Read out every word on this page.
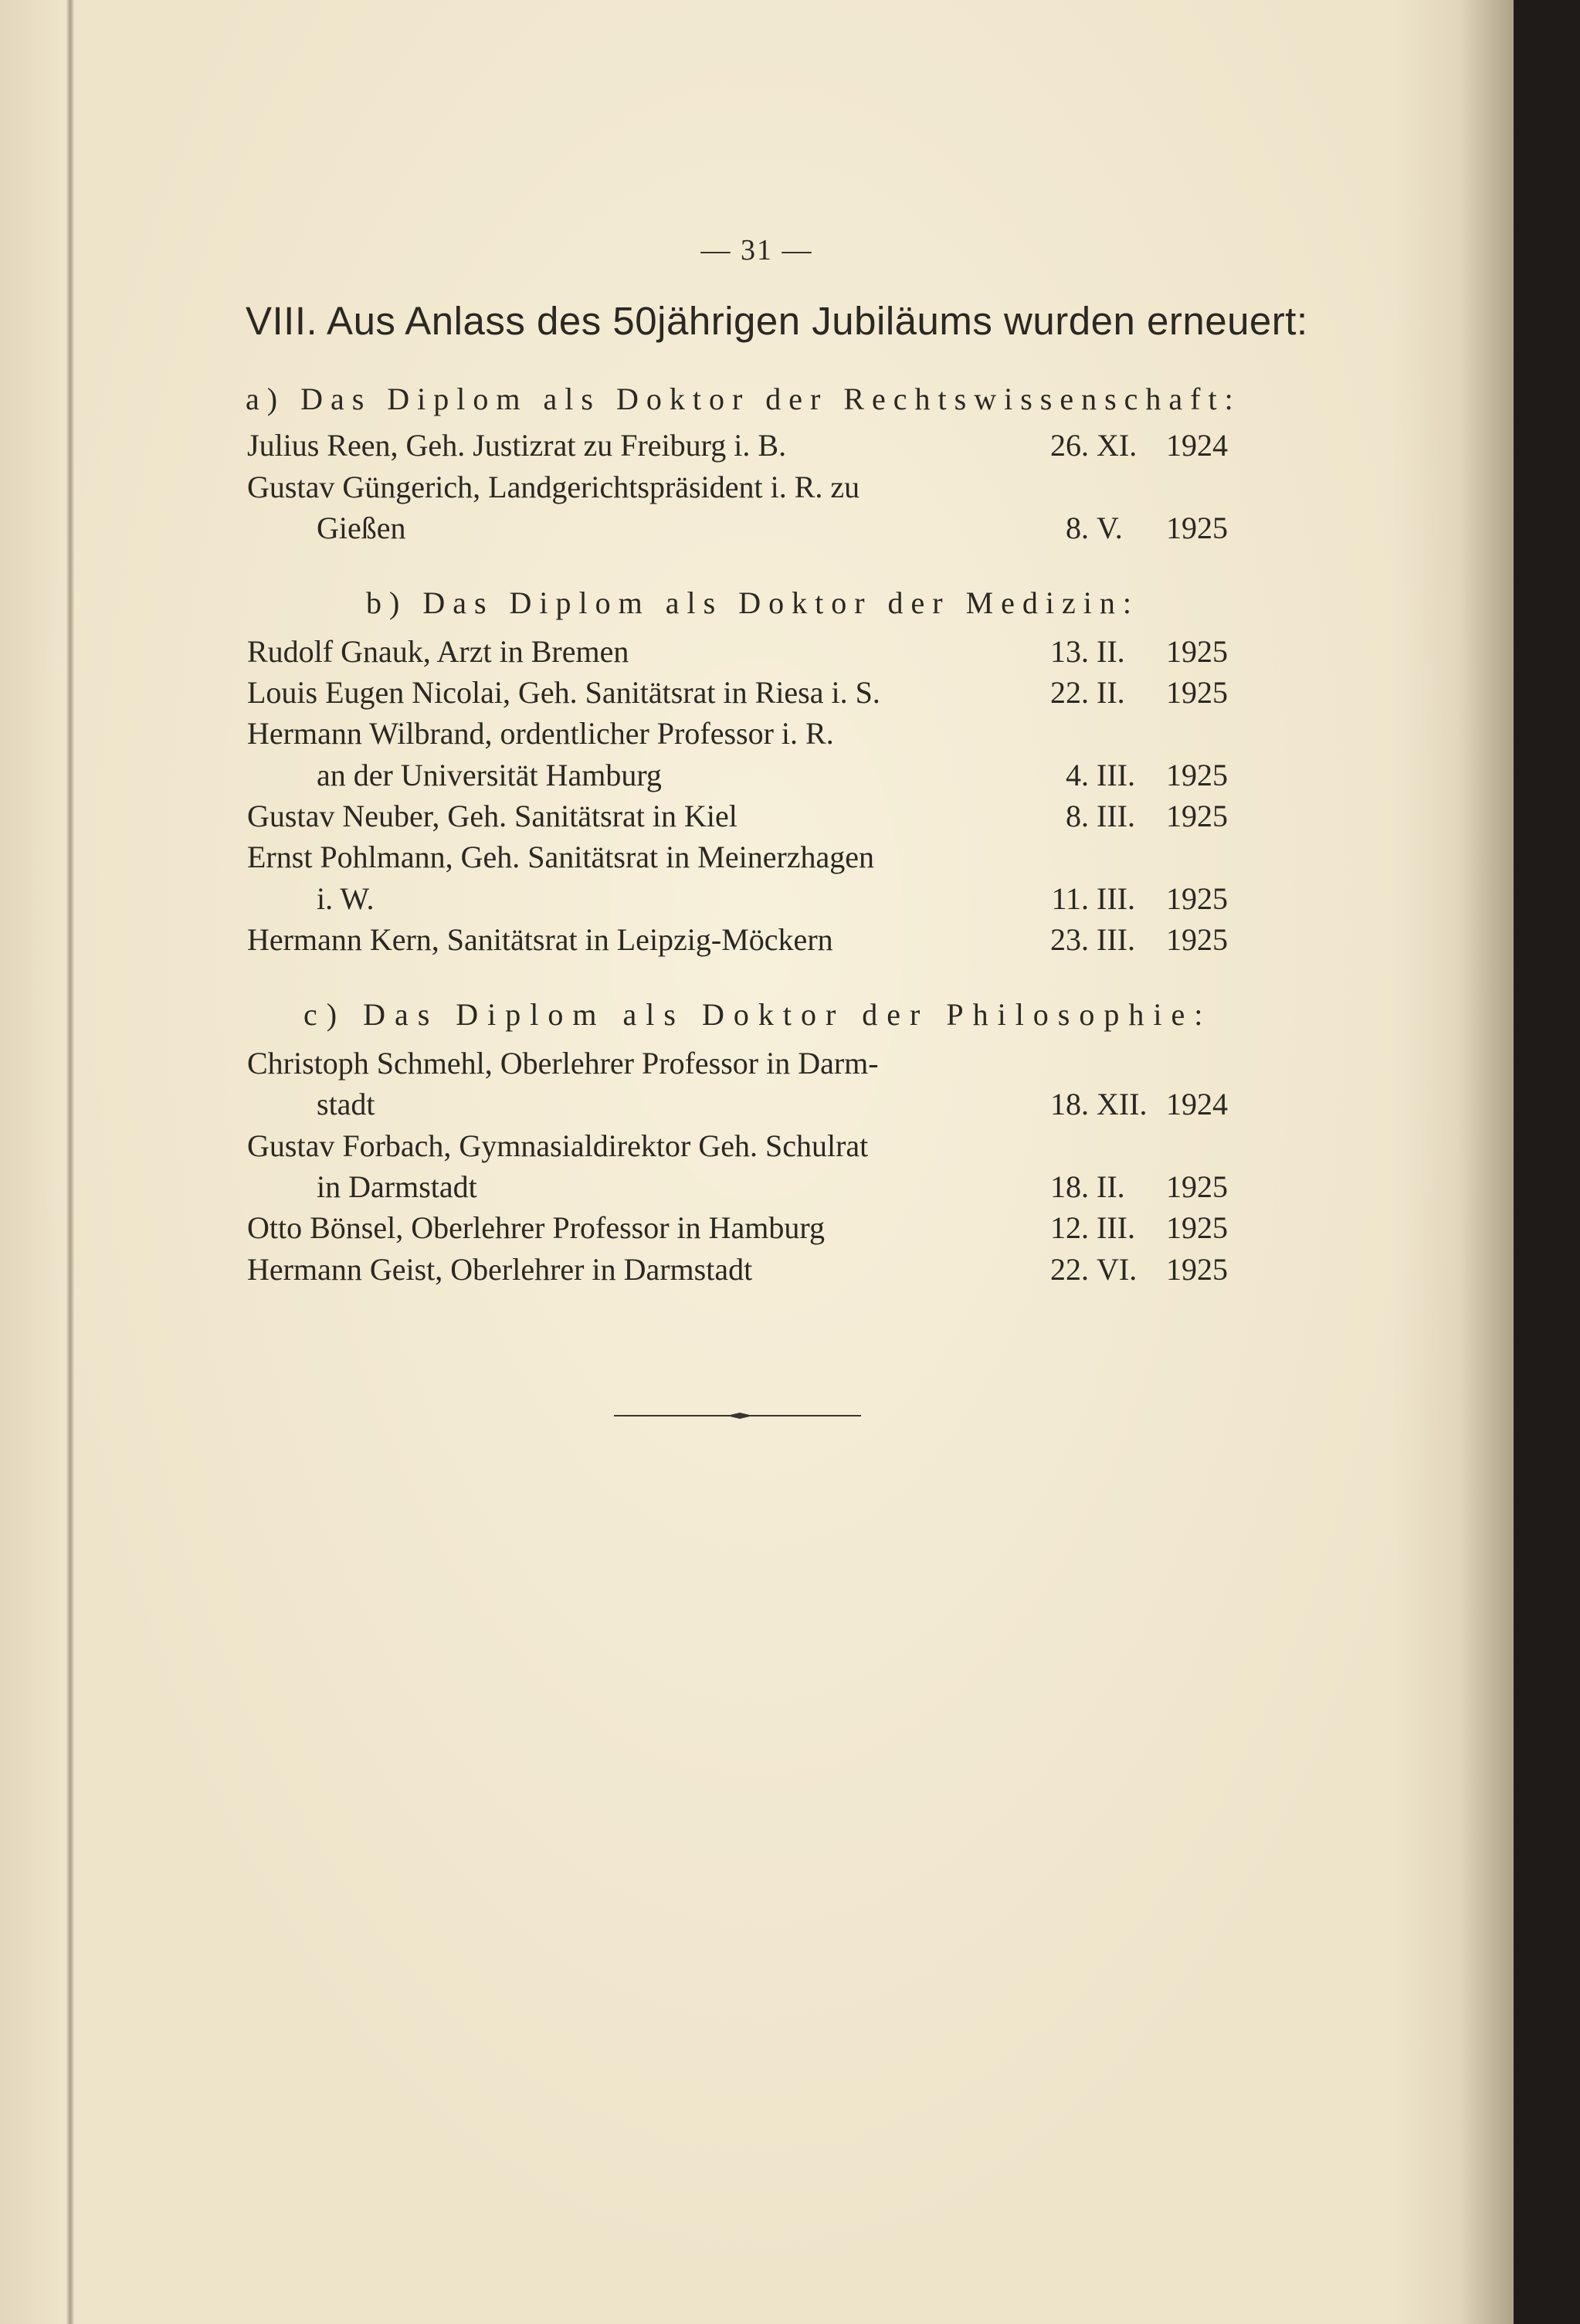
— 31 —
VIII. Aus Anlass des 50jährigen Jubiläums wurden erneuert:
a) Das Diplom als Doktor der Rechtswissenschaft:
Julius Reen, Geh. Justizrat zu Freiburg i. B.	26. XI. 1924
Gustav Güngerich, Landgerichtspräsident i. R. zu
Gießen	8. V. 1925
b) Das Diplom als Doktor der Medizin:
Rudolf Gnauk, Arzt in Bremen	13. II. 1925
Louis Eugen Nicolai, Geh. Sanitätsrat in Riesa i. S.	22. II. 1925
Hermann Wilbrand, ordentlicher Professor i. R.
an der Universität Hamburg	4. III. 1925
Gustav Neuber, Geh. Sanitätsrat in Kiel	8. III. 1925
Ernst Pohlmann, Geh. Sanitätsrat in Meinerzhagen
i. W.	11. III. 1925
Hermann Kern, Sanitätsrat in Leipzig-Möckern	23. III. 1925
c) Das Diplom als Doktor der Philosophie:
Christoph Schmehl, Oberlehrer Professor in Darm-
stadt	18. XII. 1924
Gustav Forbach, Gymnasialdirektor Geh. Schulrat
in Darmstadt	18. II. 1925
Otto Bönsel, Oberlehrer Professor in Hamburg	12. III. 1925
Hermann Geist, Oberlehrer in Darmstadt	22. VI. 1925
